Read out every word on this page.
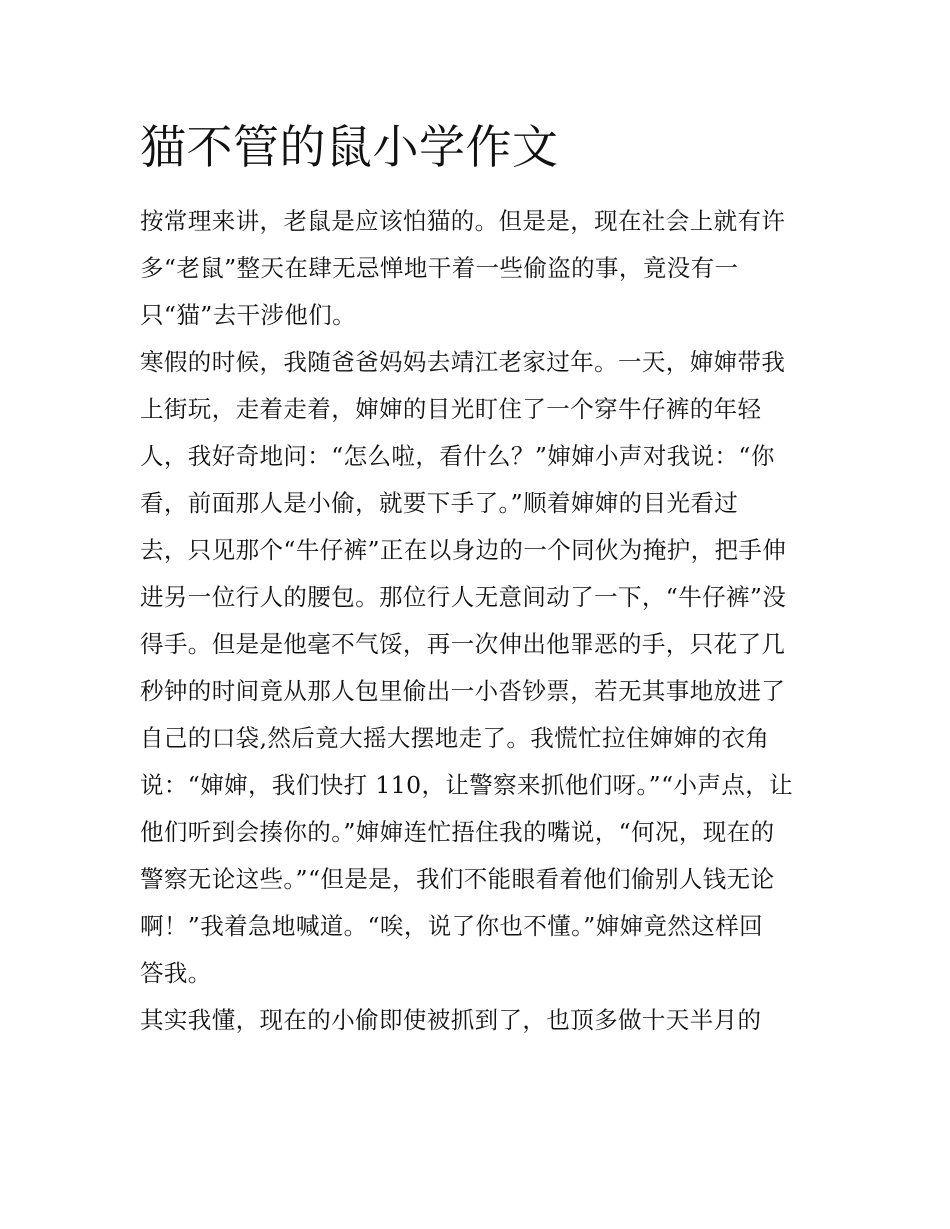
猫不管的鼠小学作文
按常理来讲，老鼠是应该怕猫的。但是是，现在社会上就有许
多“老鼠”整天在肆无忌惮地干着一些偷盗的事，竟没有一
只“猫”去干涉他们。
寒假的时候，我随爸爸妈妈去靖江老家过年。一天，婶婶带我
上街玩，走着走着，婶婶的目光盯住了一个穿牛仔裤的年轻
人，我好奇地问：“怎么啦，看什么？”婶婶小声对我说：“你
看，前面那人是小偷，就要下手了。”顺着婶婶的目光看过
去，只见那个“牛仔裤”正在以身边的一个同伙为掩护，把手伸
进另一位行人的腰包。那位行人无意间动了一下，“牛仔裤”没
得手。但是是他毫不气馁，再一次伸出他罪恶的手，只花了几
秒钟的时间竟从那人包里偷出一小沓钞票，若无其事地放进了
自己的口袋,然后竟大摇大摆地走了。我慌忙拉住婶婶的衣角
说：“婶婶，我们快打 110，让警察来抓他们呀。”“小声点，让
他们听到会揍你的。”婶婶连忙捂住我的嘴说，“何况，现在的
警察无论这些。”“但是是，我们不能眼看着他们偷别人钱无论
啊！”我着急地喊道。“唉，说了你也不懂。”婶婶竟然这样回
答我。
其实我懂，现在的小偷即使被抓到了，也顶多做十天半月的
